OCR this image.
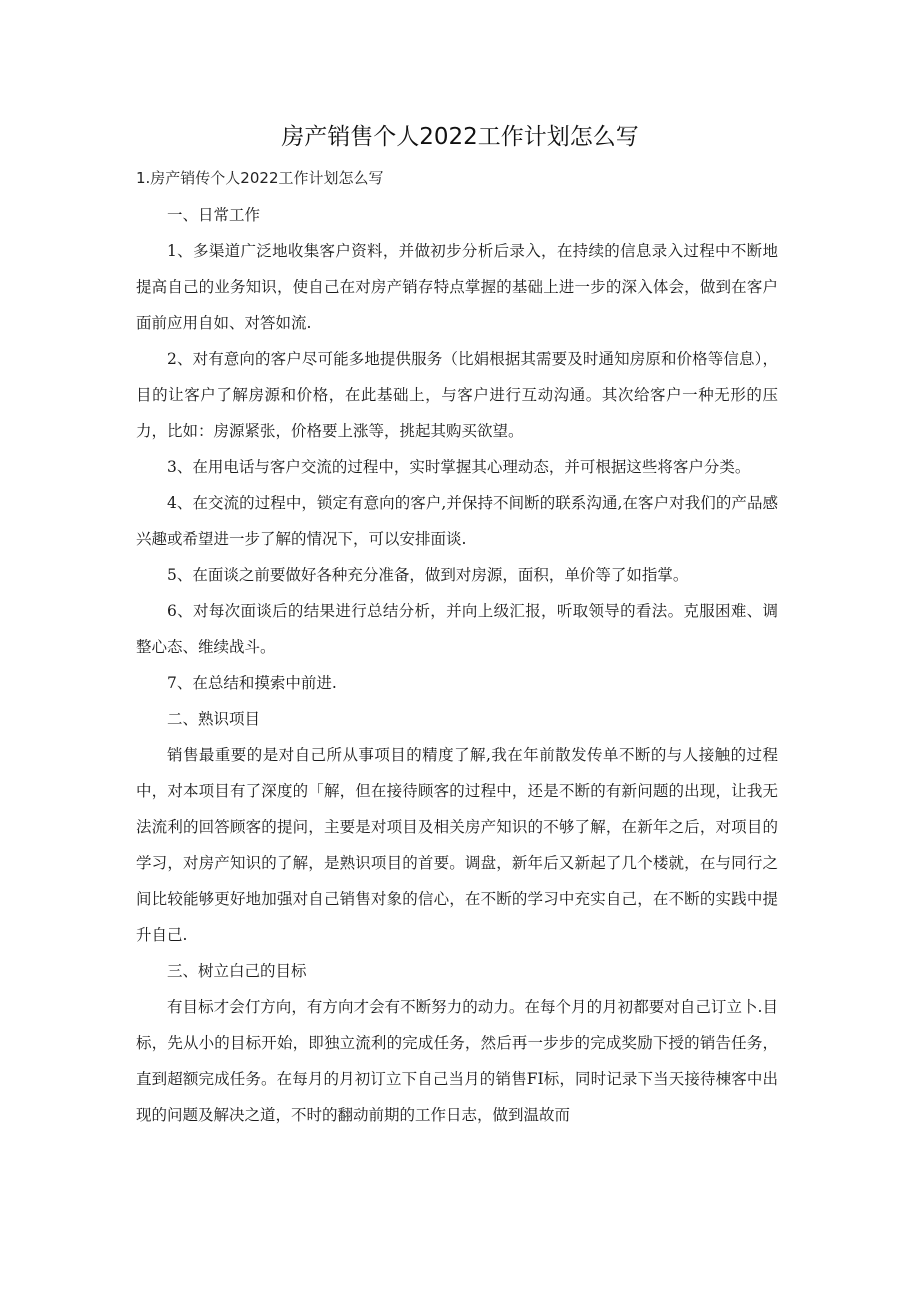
房产销售个人2022工作计划怎么写
1.房产销传个人2022工作计划怎么写

一、日常工作

1、多渠道广泛地收集客户资料，并做初步分析后录入，在持续的信息录入过程中不断地提高自己的业务知识，使自己在对房产销存特点掌握的基础上进一步的深入体会，做到在客户面前应用自如、对答如流.

2、对有意向的客户尽可能多地提供服务（比娟根据其需要及时通知房原和价格等信息），目的让客户了解房源和价格，在此基础上，与客户进行互动沟通。其次给客户一种无形的压力，比如：房源紧张，价格要上涨等，挑起其购买欲望。

3、在用电话与客户交流的过程中，实时掌握其心理动态，并可根据这些将客户分类。

4、在交流的过程中，锁定有意向的客户,并保持不间断的联系沟通,在客户对我们的产品感兴趣或希望进一步了解的情况下，可以安排面谈.

5、在面谈之前要做好各种充分准备，做到对房源，面积，单价等了如指掌。

6、对每次面谈后的结果进行总结分析，并向上级汇报，听取领导的看法。克服困难、调整心态、维续战斗。

7、在总结和摸索中前进.

二、熟识项目

销售最重要的是对自己所从事项目的精度了解,我在年前散发传单不断的与人接触的过程中，对本项目有了深度的「解，但在接待顾客的过程中，还是不断的有新问题的出现，让我无法流利的回答顾客的提问，主要是对项目及相关房产知识的不够了解，在新年之后，对项目的学习，对房产知识的了解，是熟识项目的首要。调盘，新年后又新起了几个楼就，在与同行之间比较能够更好地加强对自己销售对象的信心，在不断的学习中充实自己，在不断的实践中提升自己.

三、树立白己的目标

有目标才会仃方向，有方向才会有不断努力的动力。在每个月的月初都要对自己订立卜.目标，先从小的目标开始，即独立流利的完成任务，然后再一步步的完成奖励下授的销告任务，直到超额完成任务。在每月的月初订立下自己当月的销售FI标，同时记录下当天接待棟客中出现的问题及解决之道，不时的翻动前期的工作日志，做到温故而
